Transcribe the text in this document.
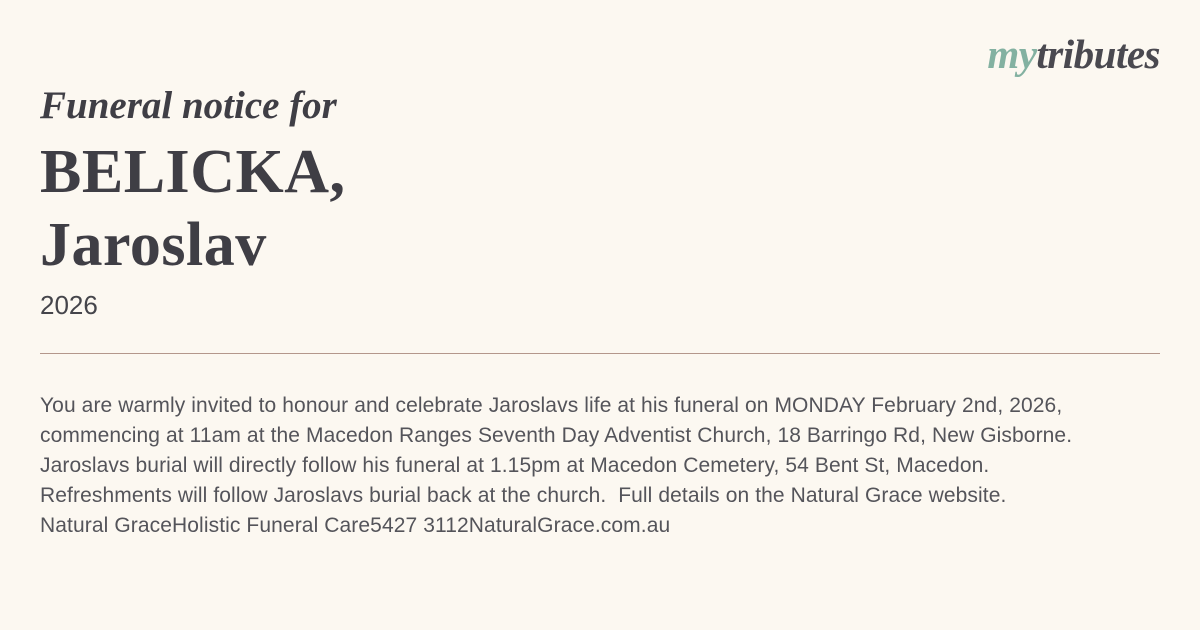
mytributes
Funeral notice for
BELICKA,
Jaroslav
2026
You are warmly invited to honour and celebrate Jaroslavs life at his funeral on MONDAY February 2nd, 2026,
commencing at 11am at the Macedon Ranges Seventh Day Adventist Church, 18 Barringo Rd, New Gisborne.
Jaroslavs burial will directly follow his funeral at 1.15pm at Macedon Cemetery, 54 Bent St, Macedon.
Refreshments will follow Jaroslavs burial back at the church.  Full details on the Natural Grace website.
Natural GraceHolistic Funeral Care5427 3112NaturalGrace.com.au
